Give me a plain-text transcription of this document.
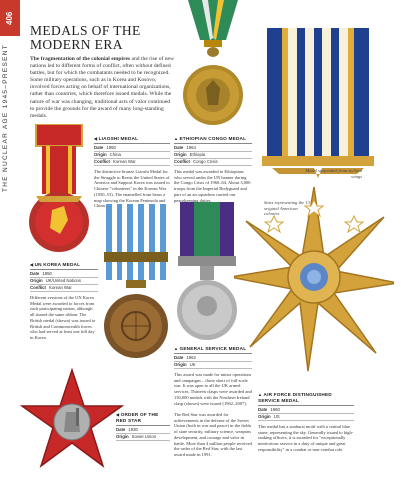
406
THE NUCLEAR AGE 1945–PRESENT
MEDALS OF THE
MODERN ERA
The fragmentation of the colonial empires and the rise of new nations led to different forms of conflict, often without defined battles, but for which the combatants needed to be recognized. Some military operations, such as in Korea and Kosovo, involved forces acting on behalf of international organizations, rather than countries, which therefore issued medals. While the nature of war was changing, traditional acts of valor continued to provide the grounds for the award of many long-standing medals.
Medal suspended from stylized wings
Stars representing the 13 original American colonies
◀ LIAOSHI MEDAL
Date 1950
Origin China
Conflict Korean War
The distinctive bronze Liaoshi Medal for the Struggle to Resist the United States of America and Support Korea was issued to Chinese "volunteers" in the Korean War (1950–53). The enamelled front bears a map showing the Korean Peninsula and China.
▲ ETHIOPIAN CONGO MEDAL
Date 1964
Origin Ethiopia
Conflict Congo Crisis
This medal was awarded to Ethiopians who served under the UN banner during the Congo Crisis of 1960–64. About 3,000 troops from the Imperial Bodyguard and part of an air squadron carried out peacekeeping duties.
◀ UN KOREA MEDAL
Date 1950
Origin UK/United Nations
Conflict Korean War
Different versions of the UN Korea Medal were awarded to forces from each participating nation, although all shared the same ribbon. The British medal (shown) was issued to British and Commonwealth forces who had served at least one full day in Korea.
▲ GENERAL SERVICE MEDAL
Date 1962
Origin UK
This award was made for minor operations and campaigns – those short of full-scale war. It was open to all the UK armed services. Thirteen clasps were awarded and 130,000 medals with the Northern Ireland clasp (shown) were issued (1962–2007).
◀ ORDER OF THE RED STAR
Date 1930
Origin Soviet Union
The Red Star was awarded for achievements in the defense of the Soviet Union (both in war and peace) in the fields of state security, military science, weapons development, and courage and valor in battle. More than 4 million people received the order of the Red Star, with the last award made in 1991.
▲ AIR FORCE DISTINGUISHED SERVICE MEDAL
Date 1960
Origin US
This medal has a sunburst motif with a central blue stone, representing the sky. Generally issued to high-ranking officers, it is awarded for "exceptionally meritorious service in a duty of unique and great responsibility" in a combat or non-combat role.
